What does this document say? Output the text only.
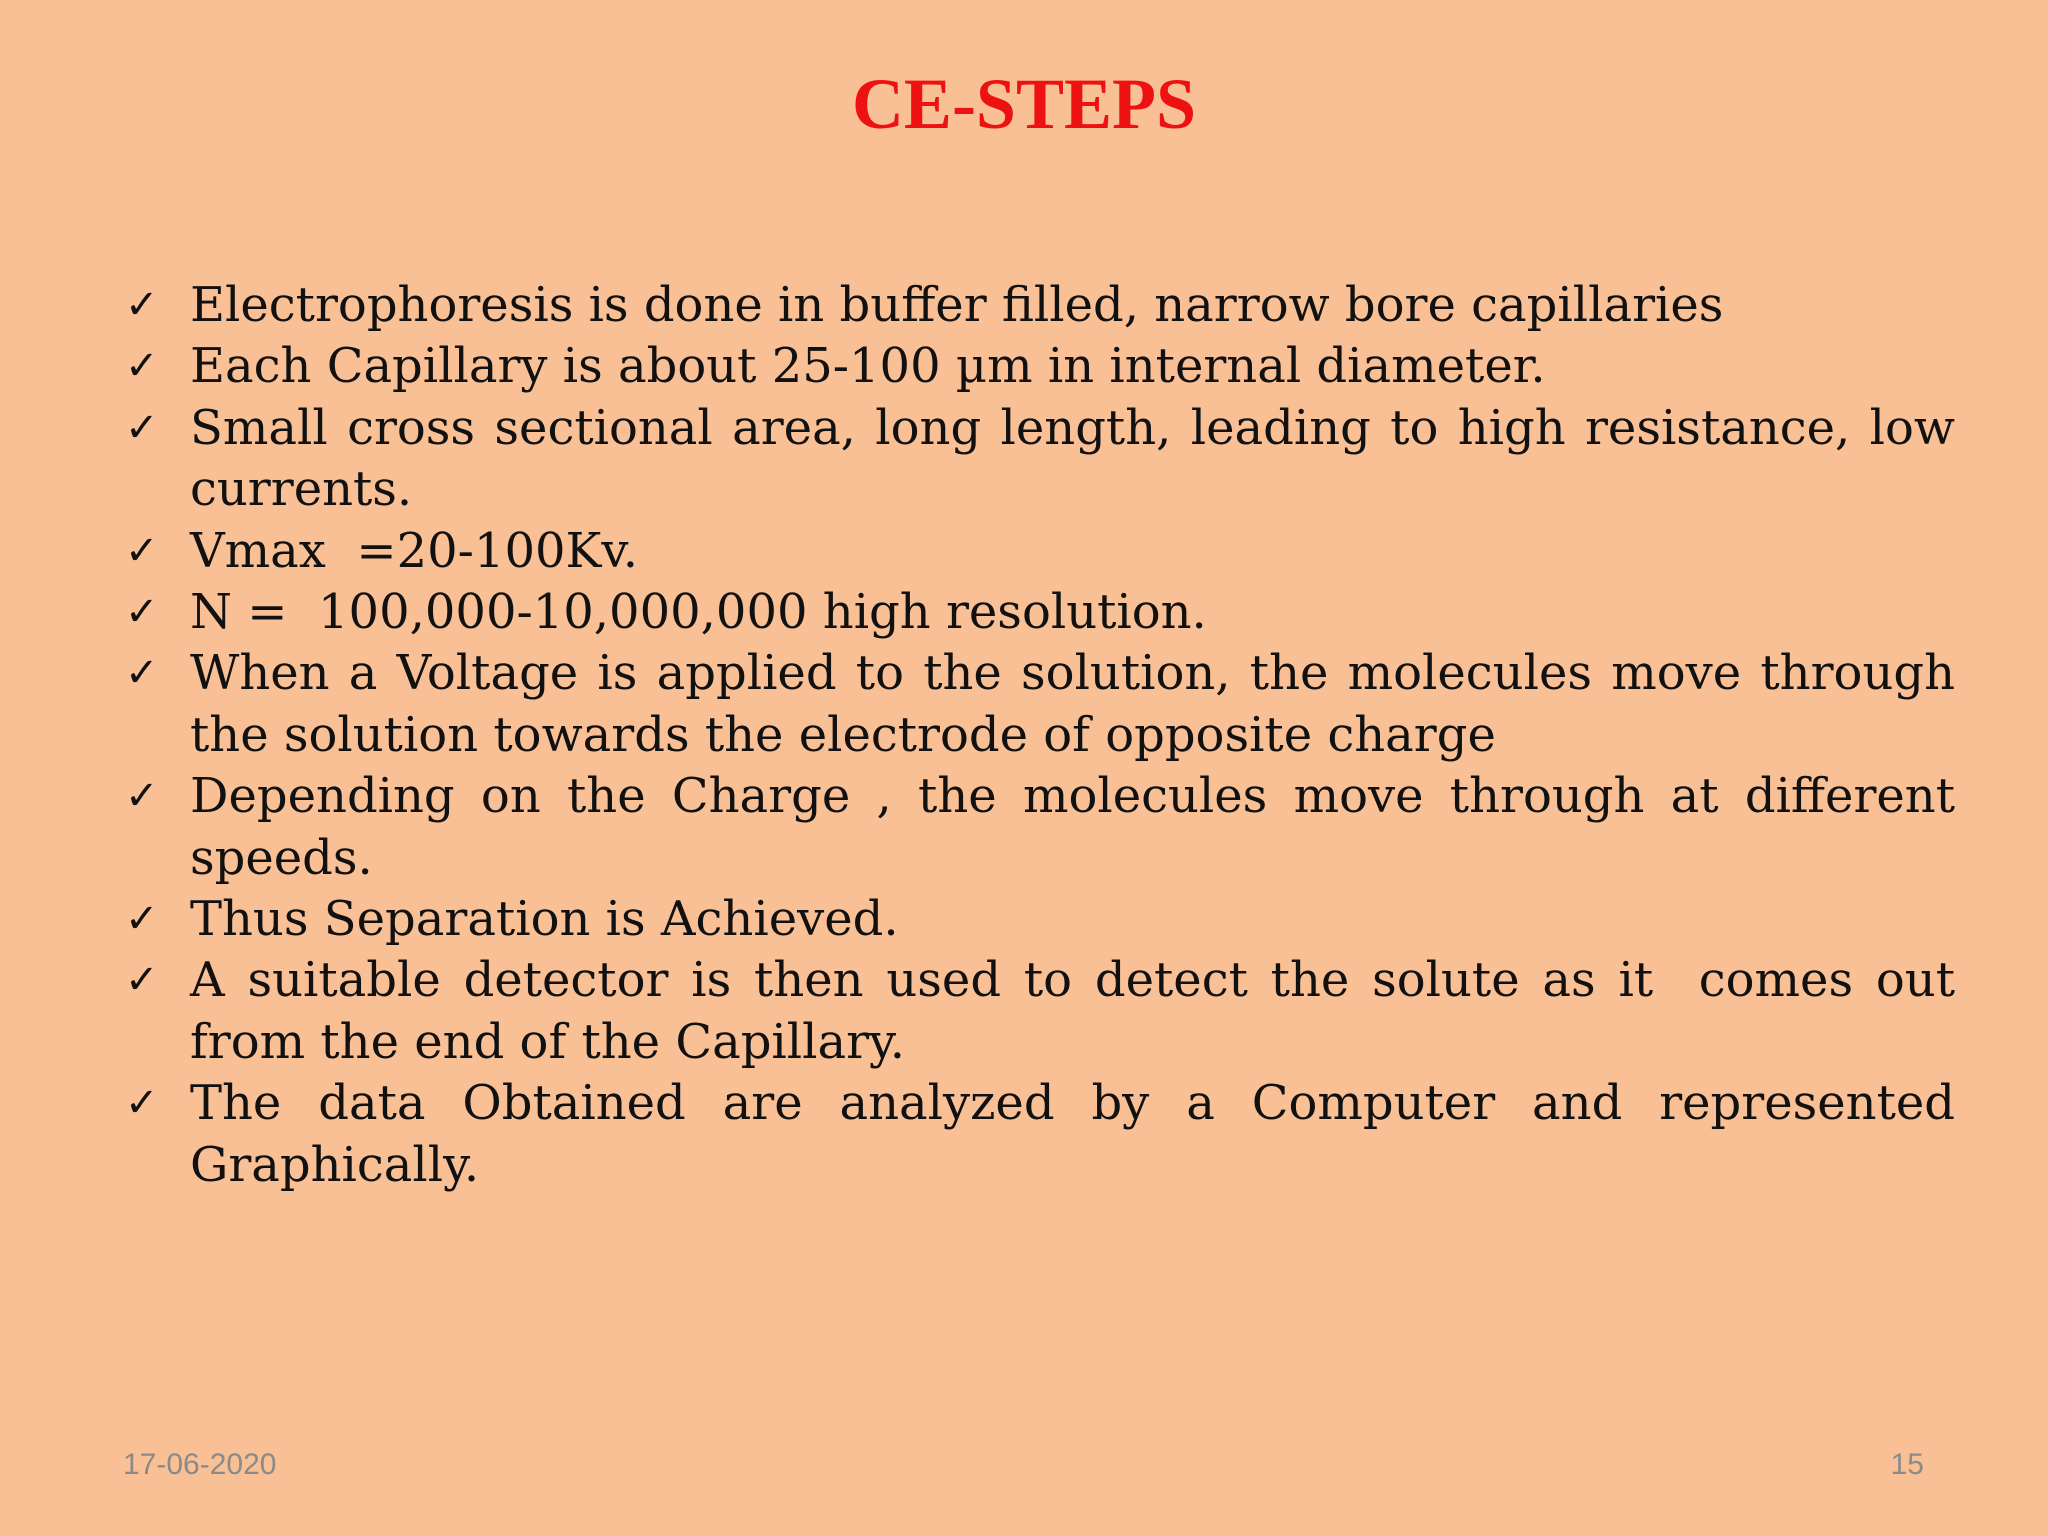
CE-STEPS
✓ Electrophoresis is done in buffer filled, narrow bore capillaries
✓ Each Capillary is about 25-100 µm in internal diameter.
✓ Small cross sectional area, long length, leading to high resistance, low currents.
✓ Vmax  =20-100Kv.
✓ N =  100,000-10,000,000 high resolution.
✓ When a Voltage is applied to the solution, the molecules move through the solution towards the electrode of opposite charge
✓ Depending on the Charge , the molecules move through at different speeds.
✓ Thus Separation is Achieved.
✓ A suitable detector is then used to detect the solute as it  comes out from the end of the Capillary.
✓ The data Obtained are analyzed by a Computer and represented Graphically.
17-06-2020	15
